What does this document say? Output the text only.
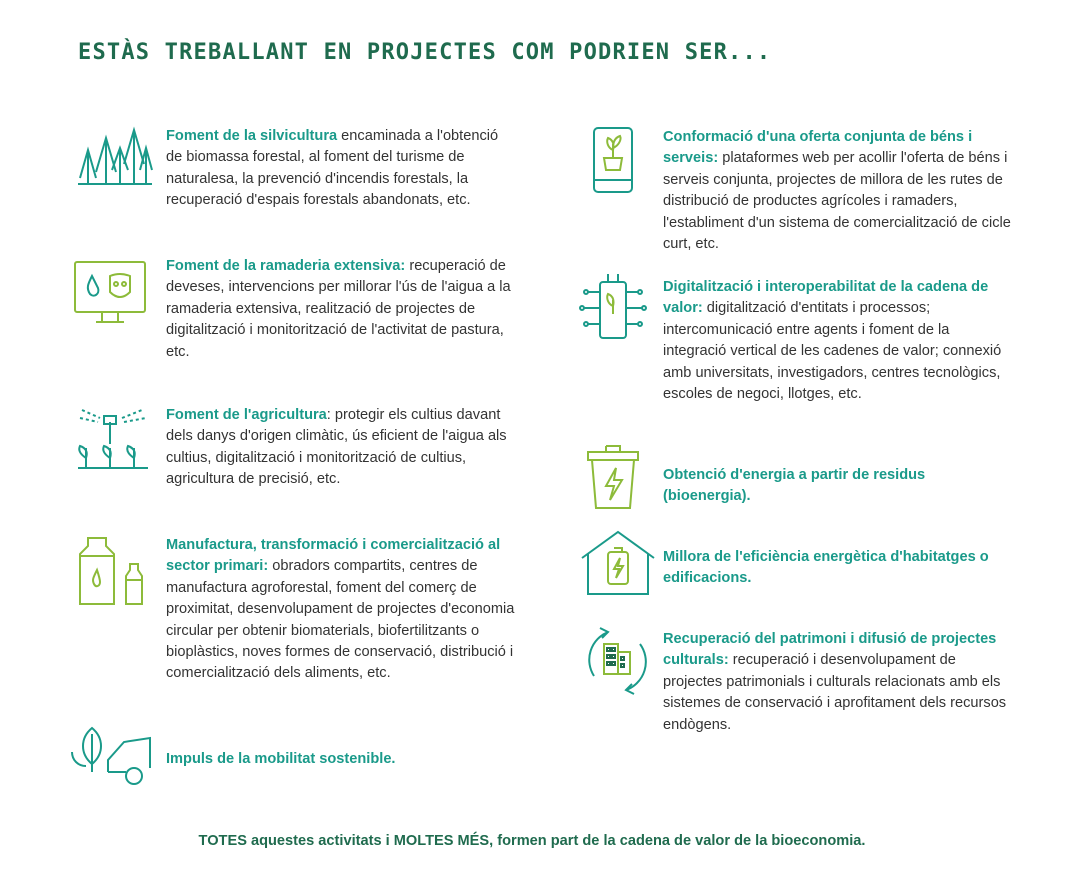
ESTÀS TREBALLANT EN PROJECTES COM PODRIEN SER...
Foment de la silvicultura encaminada a l'obtenció de biomassa forestal, al foment del turisme de naturalesa, la prevenció d'incendis forestals, la recuperació d'espais forestals abandonats, etc.
Foment de la ramaderia extensiva: recuperació de deveses, intervencions per millorar l'ús de l'aigua a la ramaderia extensiva, realització de projectes de digitalització i monitorització de l'activitat de pastura, etc.
Foment de l'agricultura: protegir els cultius davant dels danys d'origen climàtic, ús eficient de l'aigua als cultius, digitalització i monitorització de cultius, agricultura de precisió, etc.
Manufactura, transformació i comercialització al sector primari: obradors compartits, centres de manufactura agroforestal, foment del comerç de proximitat, desenvolupament de projectes d'economia circular per obtenir biomaterials, biofertilitzants o bioplàstics, noves formes de conservació, distribució i comercialització dels aliments, etc.
Impuls de la mobilitat sostenible.
Conformació d'una oferta conjunta de béns i serveis: plataformes web per acollir l'oferta de béns i serveis conjunta, projectes de millora de les rutes de distribució de productes agrícoles i ramaders, l'establiment d'un sistema de comercialització de cicle curt, etc.
Digitalització i interoperabilitat de la cadena de valor: digitalització d'entitats i processos; intercomunicació entre agents i foment de la integració vertical de les cadenes de valor; connexió amb universitats, investigadors, centres tecnològics, escoles de negoci, llotges, etc.
Obtenció d'energia a partir de residus (bioenergia).
Millora de l'eficiència energètica d'habitatges o edificacions.
Recuperació del patrimoni i difusió de projectes culturals: recuperació i desenvolupament de projectes patrimonials i culturals relacionats amb els sistemes de conservació i aprofitament dels recursos endògens.
TOTES aquestes activitats i MOLTES MÉS, formen part de la cadena de valor de la bioeconomia.
